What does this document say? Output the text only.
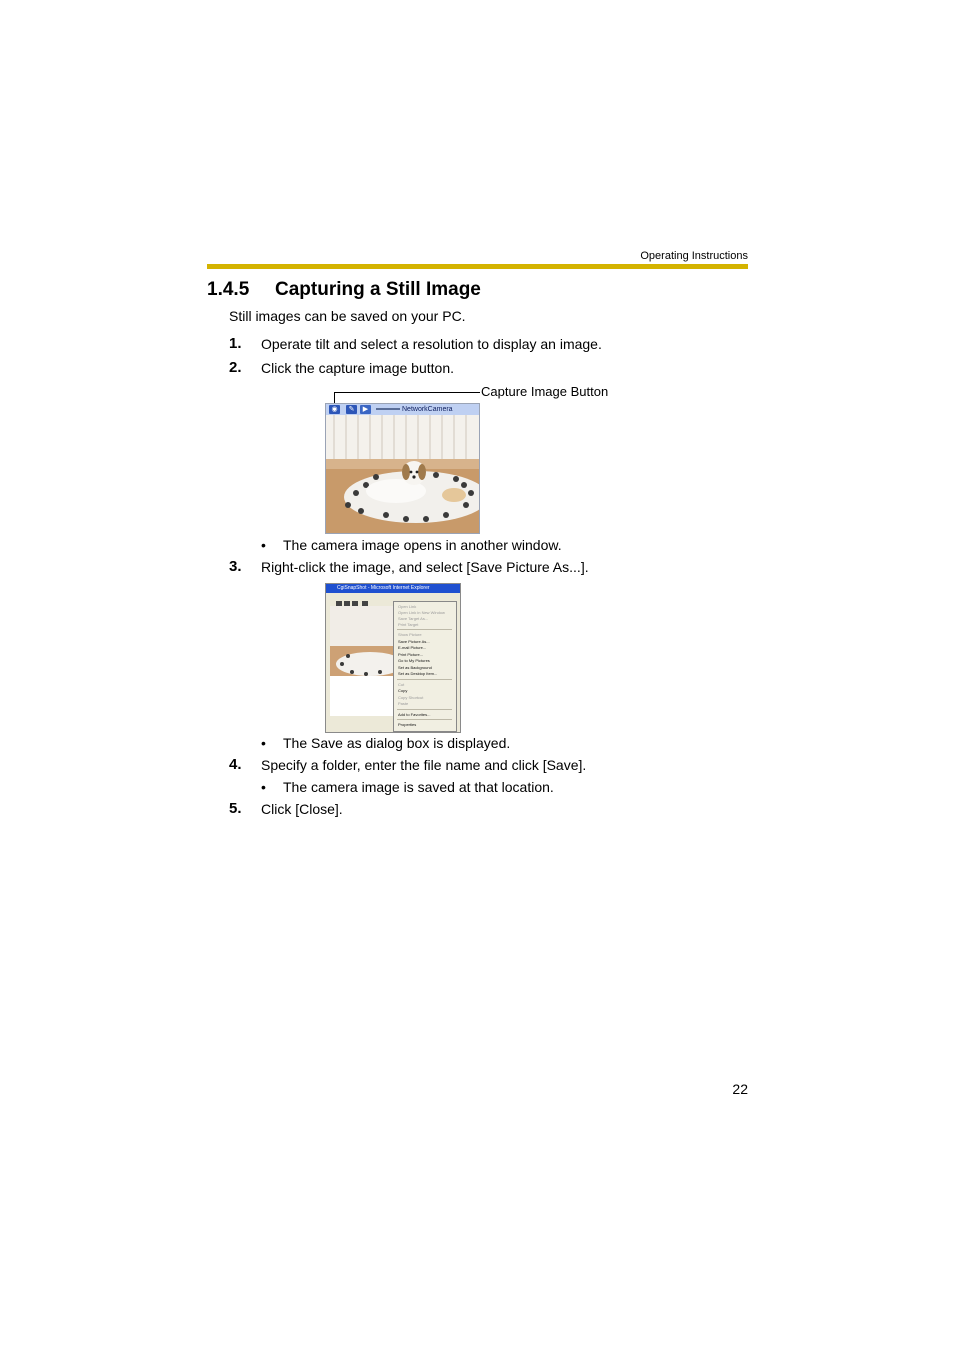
Operating Instructions
1.4.5 Capturing a Still Image
Still images can be saved on your PC.
1. Operate tilt and select a resolution to display an image.
2. Click the capture image button.
Capture Image Button
◉	✎	▶	NetworkCamera
• The camera image opens in another window.
3. Right-click the image, and select [Save Picture As...].
CgiSnapShot - Microsoft Internet Explorer
Open Link
Open Link in New Window
Save Target As...
Print Target
Show Picture
Save Picture As...
E-mail Picture...
Print Picture...
Go to My Pictures
Set as Background
Set as Desktop Item...
Cut
Copy
Copy Shortcut
Paste
Add to Favorites...
Properties
• The Save as dialog box is displayed.
4. Specify a folder, enter the file name and click [Save].
• The camera image is saved at that location.
5. Click [Close].
22
